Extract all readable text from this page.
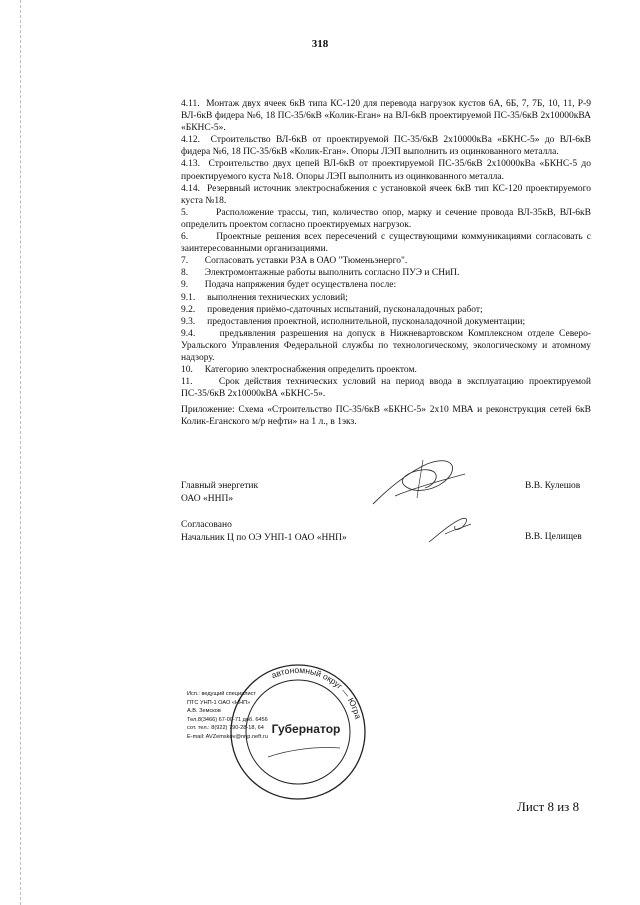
318
4.11.  Монтаж двух ячеек 6кВ типа КС-120 для перевода нагрузок кустов 6А, 6Б, 7, 7Б, 10, 11, Р-9 ВЛ-6кВ фидера №6, 18 ПС-35/6кВ «Колик-Еган» на ВЛ-6кВ проектируемой ПС-35/6кВ 2х10000кВА «БКНС-5».
4.12.  Строительство ВЛ-6кВ от проектируемой ПС-35/6кВ 2х10000кВа «БКНС-5» до ВЛ-6кВ фидера №6, 18 ПС-35/6кВ «Колик-Еган». Опоры ЛЭП выполнить из оцинкованного металла.
4.13.  Строительство двух цепей ВЛ-6кВ от проектируемой ПС-35/6кВ 2х10000кВа «БКНС-5 до проектируемого куста №18. Опоры ЛЭП выполнить из оцинкованного металла.
4.14.  Резервный источник электроснабжения с установкой ячеек 6кВ тип КС-120 проектируемого куста №18.
5.       Расположение трассы, тип, количество опор, марку и сечение провода ВЛ-35кВ, ВЛ-6кВ определить проектом согласно проектируемых нагрузок.
6.       Проектные решения всех пересечений с существующими коммуникациями согласовать с заинтересованными организациями.
7.       Согласовать уставки РЗА в ОАО "Тюменьэнерго".
8.       Электромонтажные работы выполнить согласно ПУЭ и СНиП.
9.       Подача напряжения будет осуществлена после:
9.1.     выполнения технических условий;
9.2.     проведения приёмо-сдаточных испытаний, пусконаладочных работ;
9.3.     предоставления проектной, исполнительной, пусконаладочной документации;
9.4.     предъявления разрешения на допуск в Нижневартовском Комплексном отделе Северо-Уральского Управления Федеральной службы по технологическому, экологическому и атомному надзору.
10.     Категорию электроснабжения определить проектом.
11.     Срок действия технических условий на период ввода в эксплуатацию проектируемой ПС-35/6кВ 2х10000кВА «БКНС-5».
Приложение: Схема «Строительство ПС-35/6кВ «БКНС-5» 2х10 МВА и реконструкция сетей 6кВ Колик-Еганского м/р нефти» на 1 л., в 1экз.
Главный энергетик
ОАО «ННП»
В.В. Кулешов
Согласовано
Начальник Ц по ОЭ УНП-1 ОАО «ННП»	В.В. Целищев
автономный округ — Югра
Губернатор
Исп.: ведущий специалист
ПТС УНП-1 ОАО «ННП»
А.В. Земсков
Тел.8(3466) 67-00-71 доб. 6456
сот. тел.: 8(922) 790-28-18, 64
E-mail: AVZemskov@nnp.neft.ru
Лист 8 из 8
